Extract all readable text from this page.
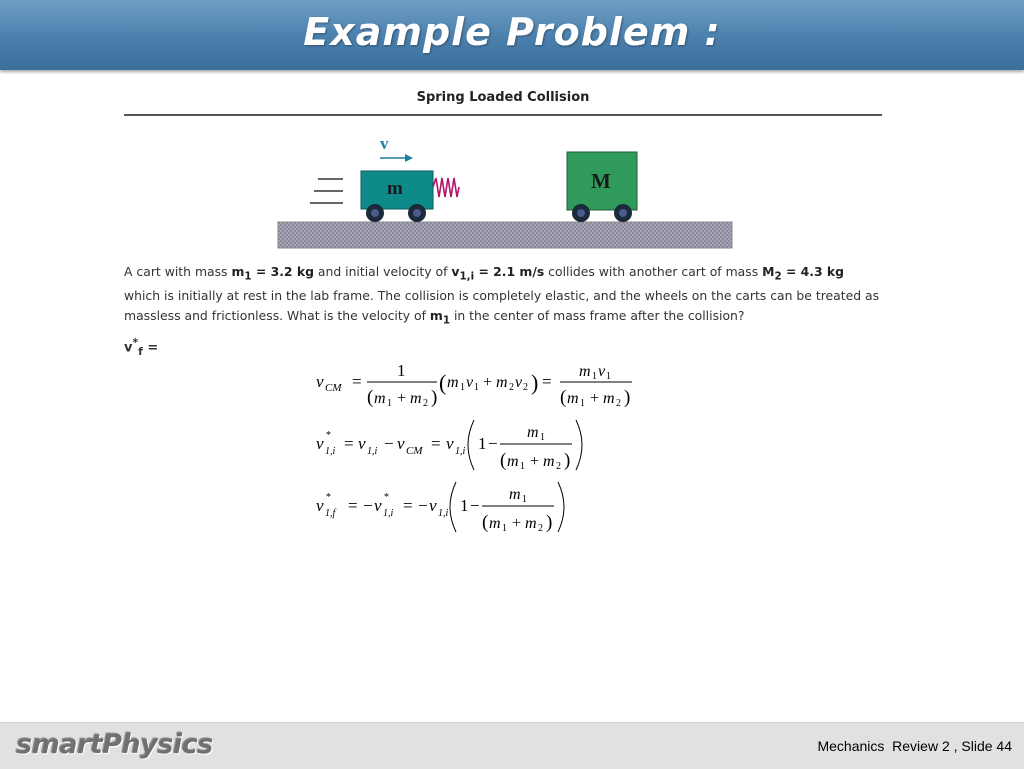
Example Problem :
Spring Loaded Collision
v
m	M
A cart with mass $m_1 = 3.2$ kg and initial velocity of $v_{1,i} = 2.1$ m/s collides with another cart of mass $M_2 = 4.3$ kg which is initially at rest in the lab frame. The collision is completely elastic, and the wheels on the carts can be treated as massless and frictionless. What is the velocity of $m_1$ in the center of mass frame after the collision?
$v^*_f$ =
v CM =
1
( m 1 + m 2 )
( m 1 v 1 + m 2 v 2 ) =
m 1 v 1
( m 1 + m 2 )
v *
1,i = v 1,i − v CM = v 1,i 1 −
m 1
( m 1 + m 2 )
v *
1,f = − v *
1,i = − v 1,i 1 −
m 1
( m 1 + m 2 )
smartPhysics	Mechanics  Review 2 , Slide 44
